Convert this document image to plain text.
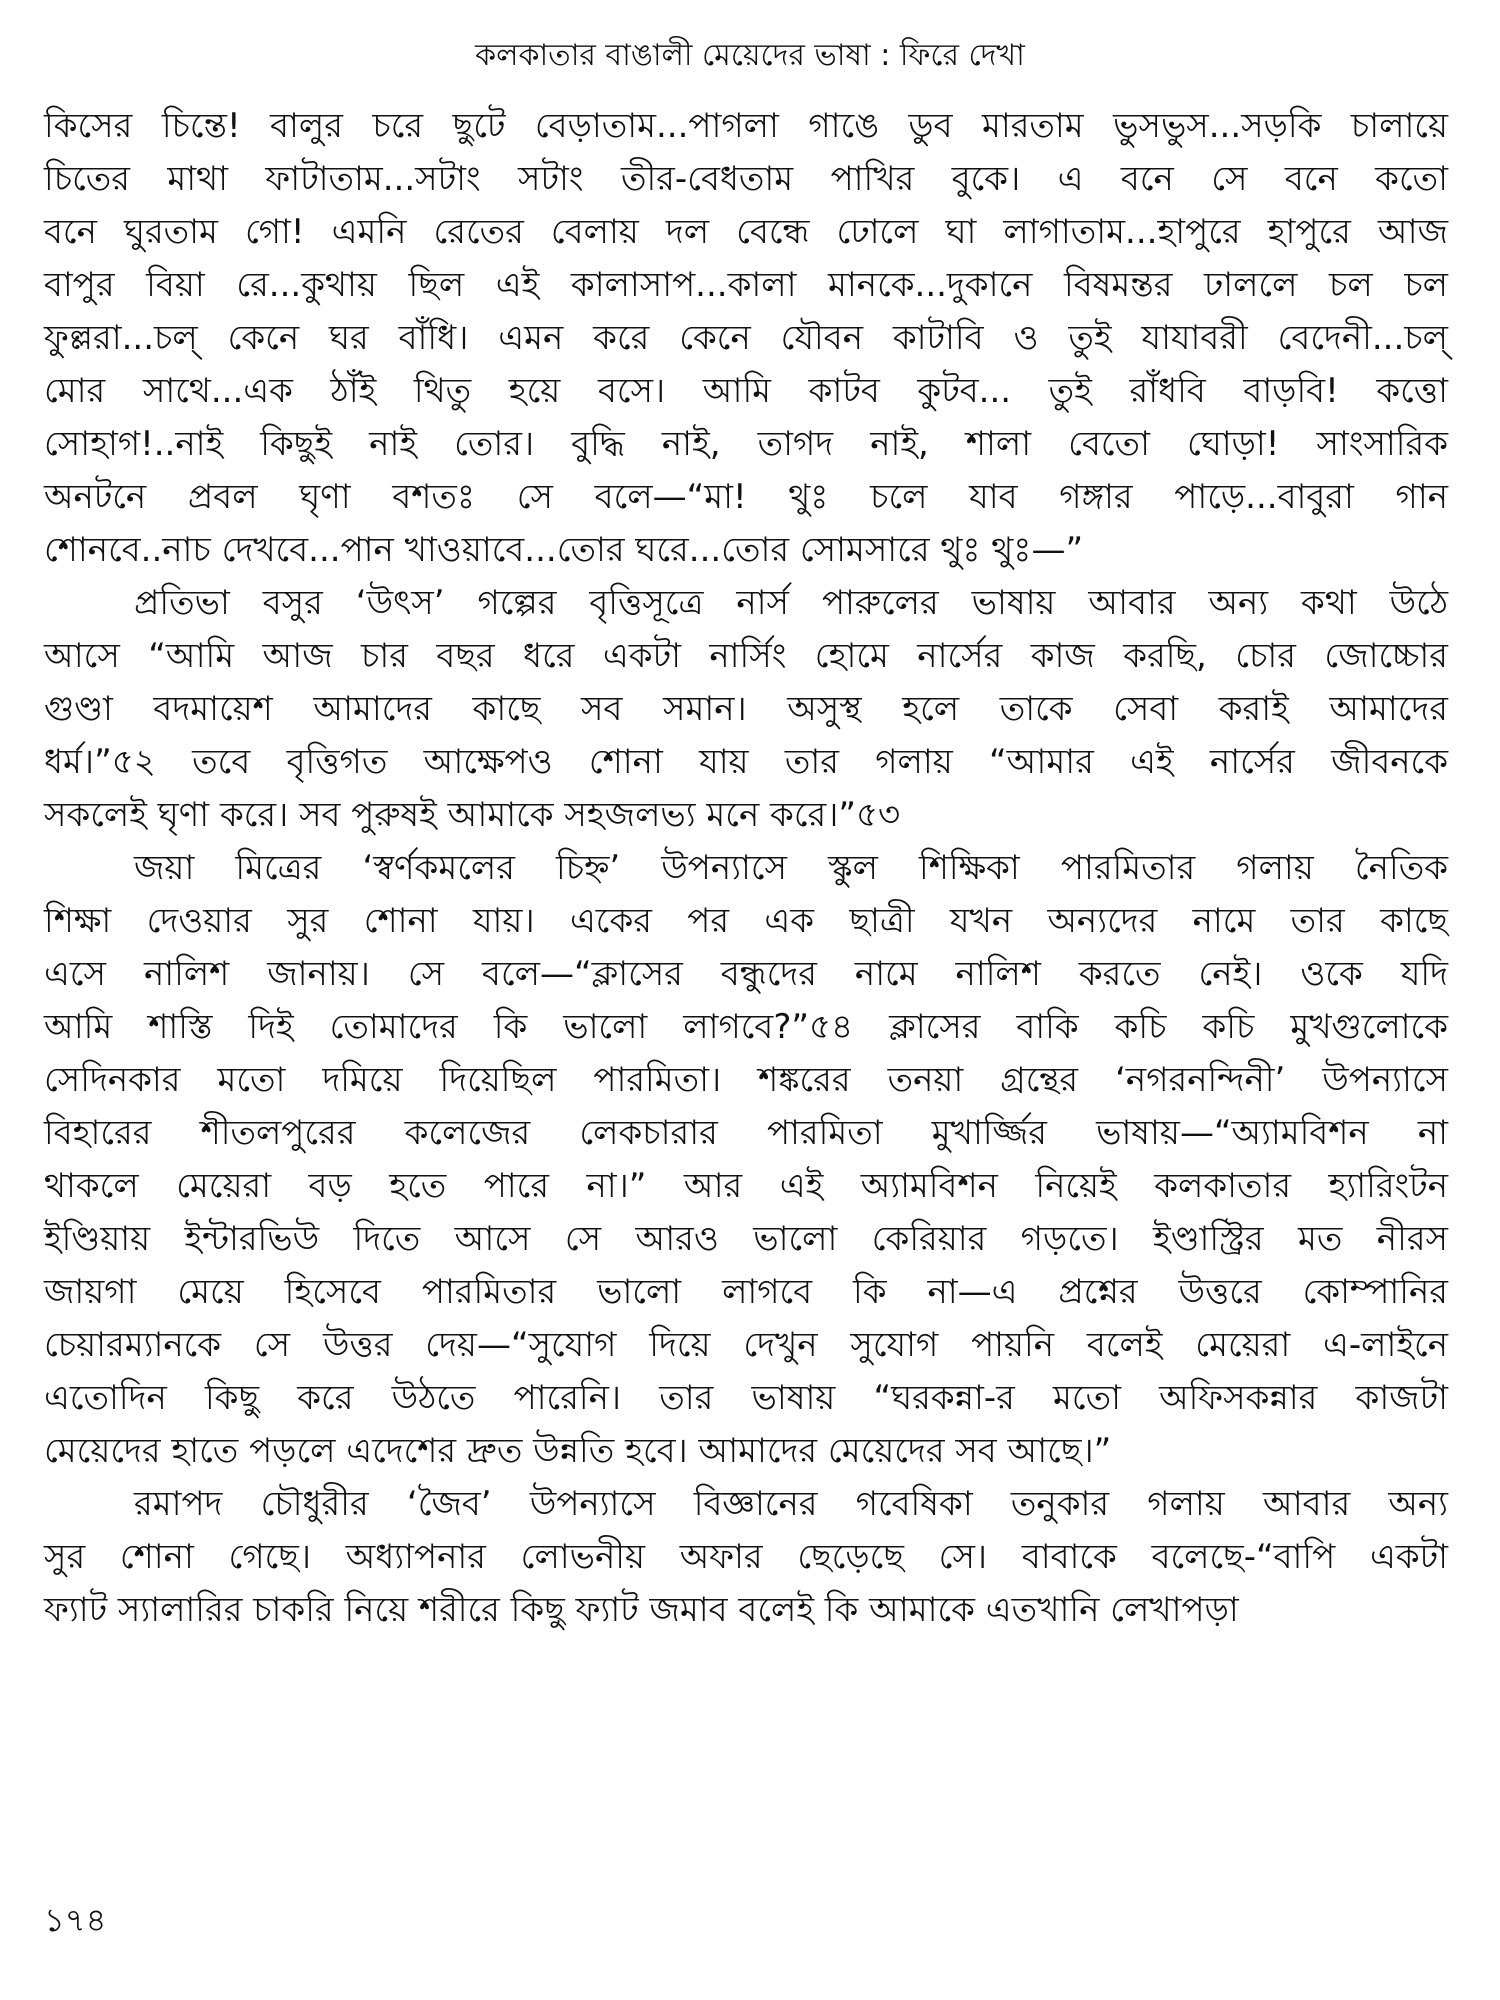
কলকাতার বাঙালী মেয়েদের ভাষা : ফিরে দেখা
কিসের চিন্তে! বালুর চরে ছুটে বেড়াতাম...পাগলা গাঙে ডুব মারতাম ভুসভুস...সড়কি চালায়ে
চিতের মাথা ফাটাতাম...সটাং সটাং তীর-বেধতাম পাখির বুকে। এ বনে সে বনে কতো
বনে ঘুরতাম গো! এমনি রেতের বেলায় দল বেন্ধে ঢোলে ঘা লাগাতাম...হাপুরে হাপুরে আজ
বাপুর বিয়া রে...কুথায় ছিল এই কালাসাপ...কালা মানকে...দুকানে বিষমন্তর ঢাললে চল চল
ফুল্লরা...চল্ কেনে ঘর বাঁধি। এমন করে কেনে যৌবন কাটাবি ও তুই যাযাবরী বেদেনী...চল্
মোর সাথে...এক ঠাঁই থিতু হয়ে বসে। আমি কাটব কুটব... তুই রাঁধবি বাড়বি! কত্তো
সোহাগ!..নাই কিছুই নাই তোর। বুদ্ধি নাই, তাগদ নাই, শালা বেতো ঘোড়া! সাংসারিক
অনটনে প্রবল ঘৃণা বশতঃ সে বলে—“মা! থুঃ চলে যাব গঙ্গার পাড়ে...বাবুরা গান
শোনবে..নাচ দেখবে...পান খাওয়াবে...তোর ঘরে...তোর সোমসারে থুঃ থুঃ—”
প্রতিভা বসুর ‘উৎস’ গল্পের বৃত্তিসূত্রে নার্স পারুলের ভাষায় আবার অন্য কথা উঠে
আসে “আমি আজ চার বছর ধরে একটা নার্সিং হোমে নার্সের কাজ করছি, চোর জোচ্চোর
গুণ্ডা বদমায়েশ আমাদের কাছে সব সমান। অসুস্থ হলে তাকে সেবা করাই আমাদের
ধর্ম।”৫২ তবে বৃত্তিগত আক্ষেপও শোনা যায় তার গলায় “আমার এই নার্সের জীবনকে
সকলেই ঘৃণা করে। সব পুরুষই আমাকে সহজলভ্য মনে করে।”৫৩
জয়া মিত্রের ‘স্বর্ণকমলের চিহ্ন’ উপন্যাসে স্কুল শিক্ষিকা পারমিতার গলায় নৈতিক
শিক্ষা দেওয়ার সুর শোনা যায়। একের পর এক ছাত্রী যখন অন্যদের নামে তার কাছে
এসে নালিশ জানায়। সে বলে—“ক্লাসের বন্ধুদের নামে নালিশ করতে নেই। ওকে যদি
আমি শাস্তি দিই তোমাদের কি ভালো লাগবে?”৫৪ ক্লাসের বাকি কচি কচি মুখগুলোকে
সেদিনকার মতো দমিয়ে দিয়েছিল পারমিতা। শঙ্করের তনয়া গ্রন্থের ‘নগরনন্দিনী’ উপন্যাসে
বিহারের শীতলপুরের কলেজের লেকচারার পারমিতা মুখার্জ্জির ভাষায়—“অ্যামবিশন না
থাকলে মেয়েরা বড় হতে পারে না।” আর এই অ্যামবিশন নিয়েই কলকাতার হ্যারিংটন
ইণ্ডিয়ায় ইন্টারভিউ দিতে আসে সে আরও ভালো কেরিয়ার গড়তে। ইণ্ডাস্ট্রির মত নীরস
জায়গা মেয়ে হিসেবে পারমিতার ভালো লাগবে কি না—এ প্রশ্নের উত্তরে কোম্পানির
চেয়ারম্যানকে সে উত্তর দেয়—“সুযোগ দিয়ে দেখুন সুযোগ পায়নি বলেই মেয়েরা এ-লাইনে
এতোদিন কিছু করে উঠতে পারেনি। তার ভাষায় “ঘরকন্না-র মতো অফিসকন্নার কাজটা
মেয়েদের হাতে পড়লে এদেশের দ্রুত উন্নতি হবে। আমাদের মেয়েদের সব আছে।”
রমাপদ চৌধুরীর ‘জৈব’ উপন্যাসে বিজ্ঞানের গবেষিকা তনুকার গলায় আবার অন্য
সুর শোনা গেছে। অধ্যাপনার লোভনীয় অফার ছেড়েছে সে। বাবাকে বলেছে-“বাপি একটা
ফ্যাট স্যালারির চাকরি নিয়ে শরীরে কিছু ফ্যাট জমাব বলেই কি আমাকে এতখানি লেখাপড়া
১৭৪
